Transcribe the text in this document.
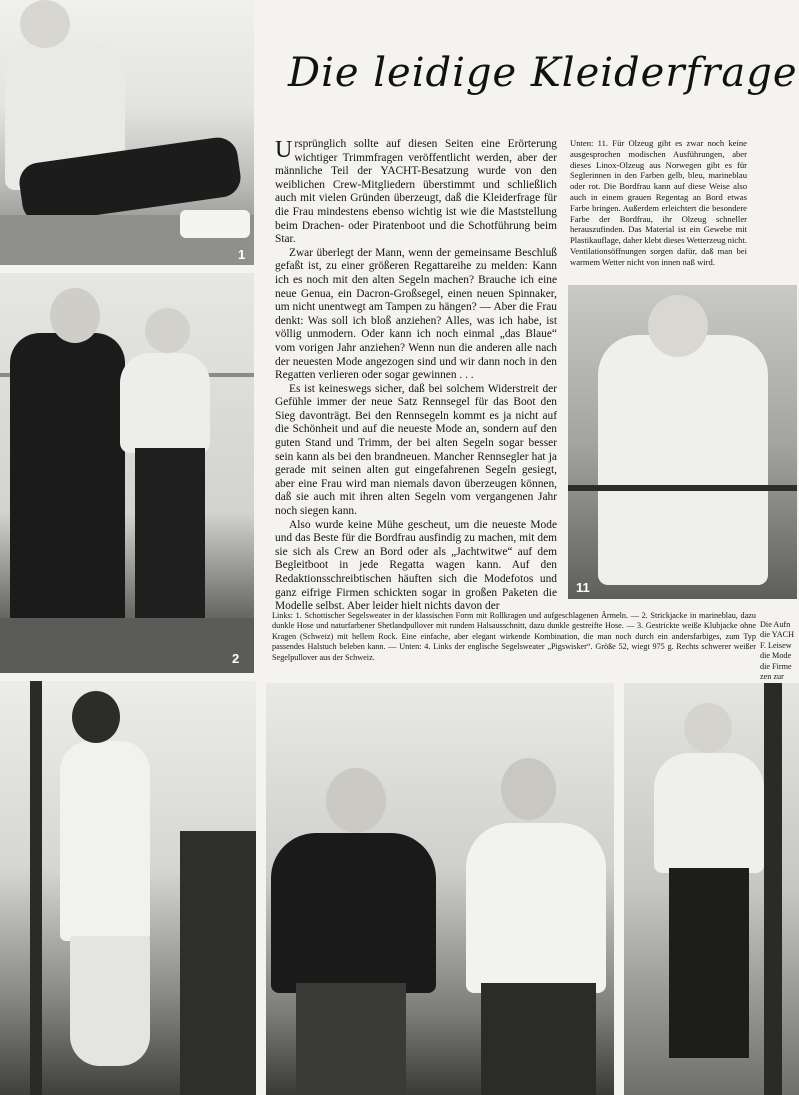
1
2
11
Die leidige Kleiderfrage

Ursprünglich sollte auf diesen Seiten eine Erörterung wichtiger Trimmfragen veröffentlicht werden, aber der männliche Teil der YACHT-Besatzung wurde von den weiblichen Crew-Mitgliedern überstimmt und schließlich auch mit vielen Gründen überzeugt, daß die Kleiderfrage für die Frau mindestens ebenso wichtig ist wie die Maststellung beim Drachen- oder Piratenboot und die Schotführung beim Star.

Zwar überlegt der Mann, wenn der gemeinsame Beschluß gefaßt ist, zu einer größeren Regattareihe zu melden: Kann ich es noch mit den alten Segeln machen? Brauche ich eine neue Genua, ein Dacron-Großsegel, einen neuen Spinnaker, um nicht unentwegt am Tampen zu hängen? — Aber die Frau denkt: Was soll ich bloß anziehen? Alles, was ich habe, ist völlig unmodern. Oder kann ich noch einmal „das Blaue“ vom vorigen Jahr anziehen? Wenn nun die anderen alle nach der neuesten Mode angezogen sind und wir dann noch in den Regatten verlieren oder sogar gewinnen . . .

Es ist keineswegs sicher, daß bei solchem Widerstreit der Gefühle immer der neue Satz Rennsegel für das Boot den Sieg davonträgt. Bei den Rennsegeln kommt es ja nicht auf die Schönheit und auf die neueste Mode an, sondern auf den guten Stand und Trimm, der bei alten Segeln sogar besser sein kann als bei den brandneuen. Mancher Rennsegler hat ja gerade mit seinen alten gut eingefahrenen Segeln gesiegt, aber eine Frau wird man niemals davon überzeugen können, daß sie auch mit ihren alten Segeln vom vergangenen Jahr noch siegen kann.

Also wurde keine Mühe gescheut, um die neueste Mode und das Beste für die Bordfrau ausfindig zu machen, mit dem sie sich als Crew an Bord oder als „Jachtwitwe“ auf dem Begleitboot in jede Regatta wagen kann. Auf den Redaktionsschreibtischen häuften sich die Modefotos und ganz eifrige Firmen schickten sogar in großen Paketen die Modelle selbst. Aber leider hielt nichts davon der

Unten: 11. Für Olzeug gibt es zwar noch keine ausgesprochen modischen Ausführungen, aber dieses Linox-Olzeug aus Norwegen gibt es für Seglerinnen in den Farben gelb, bleu, marineblau oder rot. Die Bordfrau kann auf diese Weise also auch in einem grauen Regentag an Bord etwas Farbe bringen. Außerdem erleichtert die besondere Farbe der Bordfrau, ihr Olzeug schneller herauszufinden. Das Material ist ein Gewebe mit Plastikauflage, daher klebt dieses Wetterzeug nicht. Ventilationsöffnungen sorgen dafür, daß man bei warmem Wetter nicht von innen naß wird.

Links: 1. Schottischer Segelsweater in der klassischen Form mit Rollkragen und aufgeschlagenen Ärmeln. — 2. Strickjacke in marineblau, dazu dunkle Hose und naturfarbener Shetlandpullover mit rundem Halsausschnitt, dazu dunkle gestreifte Hose. — 3. Gestrickte weiße Klubjacke ohne Kragen (Schweiz) mit hellem Rock. Eine einfache, aber elegant wirkende Kombination, die man noch durch ein andersfarbiges, zum Typ passendes Halstuch beleben kann. — Unten: 4. Links der englische Segelsweater „Pigswisker“. Größe 52, wiegt 975 g. Rechts schwerer weißer Segelpullover aus der Schweiz.

Die Aufn
die YACH
F. Leisew
die Mode
die Firme
zen zur
